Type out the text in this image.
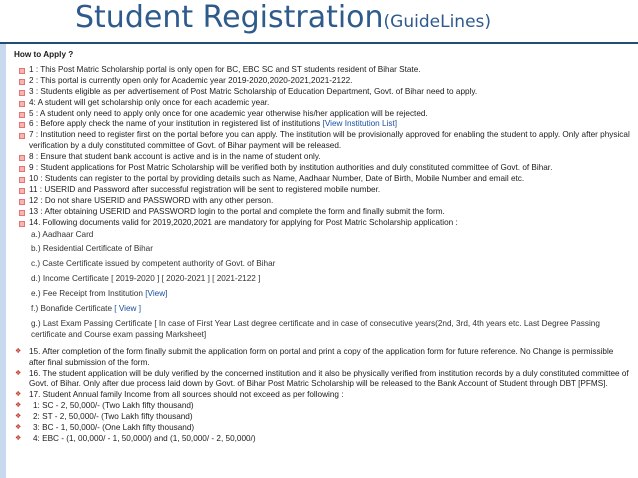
Student Registration(GuideLines)
How to Apply ?
1 : This Post Matric Scholarship portal is only open for BC, EBC SC and ST students resident of Bihar State.
2 : This portal is currently open only for Academic year 2019-2020,2020-2021,2021-2122.
3 : Students eligible as per advertisement of Post Matric Scholarship of Education Department, Govt. of Bihar need to apply.
4: A student will get scholarship only once for each academic year.
5 : A student only need to apply only once for one academic year otherwise his/her application will be rejected.
6 : Before apply check the name of your institution in registered list of institutions [View Institution List]
7 : Institution need to register first on the portal before you can apply. The institution will be provisionally approved for enabling the student to apply. Only after physical verification by a duly constituted committee of Govt. of Bihar payment will be released.
8 : Ensure that student bank account is active and is in the name of student only.
9 : Student applications for Post Matric Scholarship will be verified both by institution authorities and duly constituted committee of Govt. of Bihar.
10 : Students can register to the portal by providing details such as Name, Aadhaar Number, Date of Birth, Mobile Number and email etc.
11 : USERID and Password after successful registration will be sent to registered mobile number.
12 : Do not share USERID and PASSWORD with any other person.
13 : After obtaining USERID and PASSWORD login to the portal and complete the form and finally submit the form.
14. Following documents valid for 2019,2020,2021 are mandatory for applying for Post Matric Scholarship application :
a.) Aadhaar Card
b.) Residential Certificate of Bihar
c.) Caste Certificate issued by competent authority of Govt. of Bihar
d.) Income Certificate [ 2019-2020 ] [ 2020-2021 ] [ 2021-2122 ]
e.) Fee Receipt from Institution [View]
f.) Bonafide Certificate [ View ]
g.) Last Exam Passing Certificate [ In case of First Year Last degree certificate and in case of consecutive years(2nd, 3rd, 4th years etc. Last Degree Passing certificate and Course exam passing Marksheet]
❖ 15. After completion of the form finally submit the application form on portal and print a copy of the application form for future reference. No Change is permissible after final submission of the form.
❖ 16. The student application will be duly verified by the concerned institution and it also be physically verified from institution records by a duly constituted committee of Govt. of Bihar. Only after due process laid down by Govt. of Bihar Post Matric Scholarship will be released to the Bank Account of Student through DBT [PFMS].
❖ 17. Student Annual family Income from all sources should not exceed as per following :
❖ 1: SC - 2, 50,000/- (Two Lakh fifty thousand)
❖ 2: ST - 2, 50,000/- (Two Lakh fifty thousand)
❖ 3: BC - 1, 50,000/- (One Lakh fifty thousand)
❖ 4: EBC - (1, 00,000/ - 1, 50,000/) and (1, 50,000/ - 2, 50,000/)
